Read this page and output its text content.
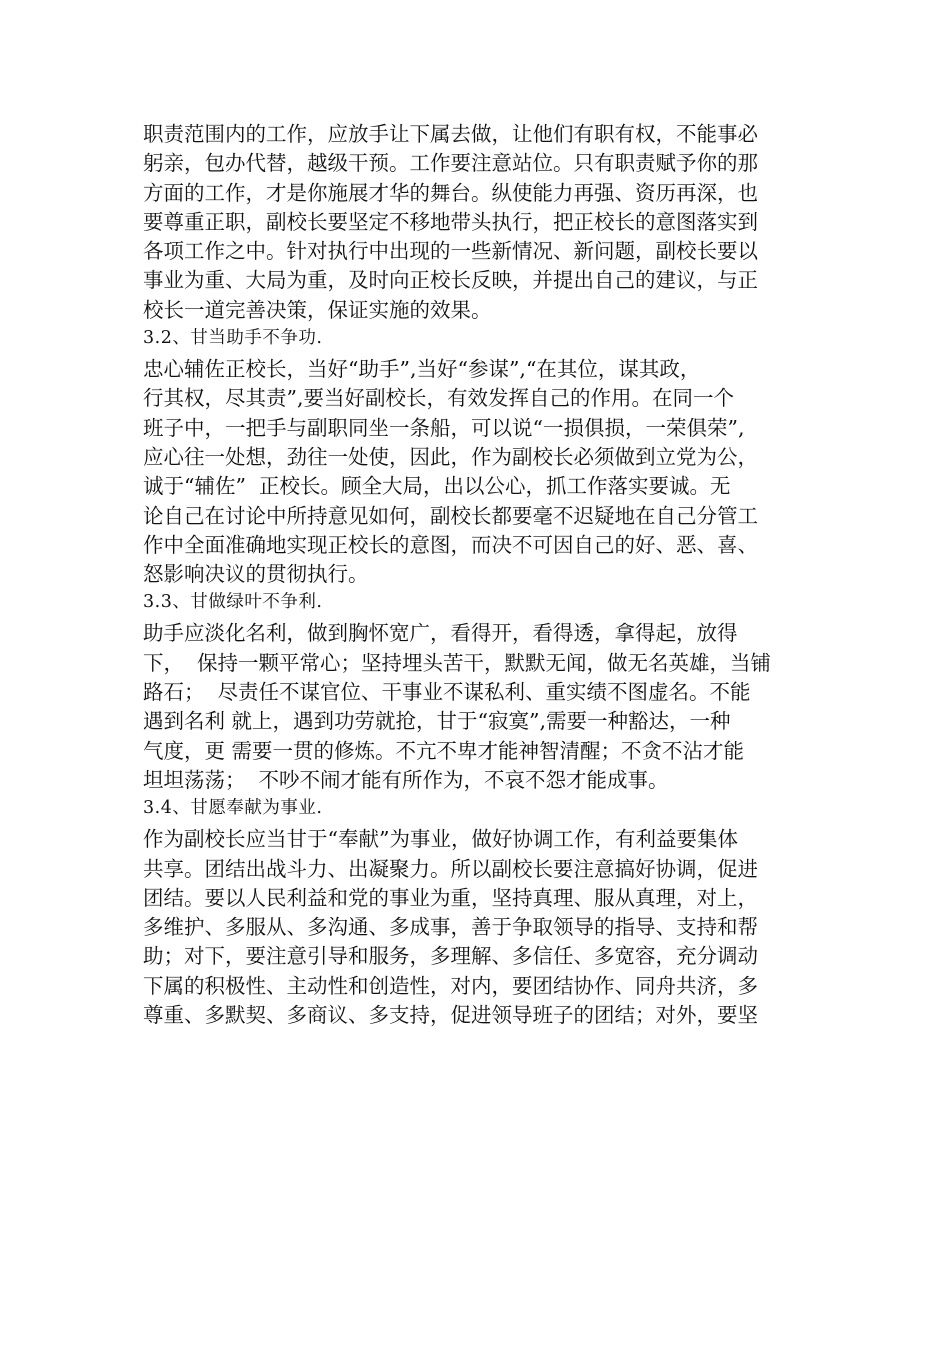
职责范围内的工作，应放手让下属去做，让他们有职有权，不能事必
躬亲，包办代替，越级干预。工作要注意站位。只有职责赋予你的那
方面的工作，才是你施展才华的舞台。纵使能力再强、资历再深，也
要尊重正职，副校长要坚定不移地带头执行，把正校长的意图落实到
各项工作之中。针对执行中出现的一些新情况、新问题，副校长要以
事业为重、大局为重，及时向正校长反映，并提出自己的建议，与正
校长一道完善决策，保证实施的效果。
3.2、甘当助手不争功.
忠心辅佐正校长，当好“助手”,当好“参谋”,“在其位，谋其政，
行其权，尽其责”,要当好副校长，有效发挥自己的作用。在同一个
班子中，一把手与副职同坐一条船，可以说“一损俱损，一荣俱荣”,
应心往一处想，劲往一处使，因此，作为副校长必须做到立党为公，
诚于“辅佐”  正校长。顾全大局，出以公心，抓工作落实要诚。无
论自己在讨论中所持意见如何，副校长都要毫不迟疑地在自己分管工
作中全面准确地实现正校长的意图，而决不可因自己的好、恶、喜、
怒影响决议的贯彻执行。
3.3、甘做绿叶不争利.
助手应淡化名利，做到胸怀宽广，看得开，看得透，拿得起，放得
下，  保持一颗平常心；坚持埋头苦干，默默无闻，做无名英雄，当铺
路石；  尽责任不谋官位、干事业不谋私利、重实绩不图虚名。不能
遇到名利 就上，遇到功劳就抢，甘于“寂寞”,需要一种豁达，一种
气度，更 需要一贯的修炼。不亢不卑才能神智清醒；不贪不沾才能
坦坦荡荡；  不吵不闹才能有所作为，不哀不怨才能成事。
3.4、甘愿奉献为事业.
作为副校长应当甘于“奉献”为事业，做好协调工作，有利益要集体
共享。团结出战斗力、出凝聚力。所以副校长要注意搞好协调，促进
团结。要以人民利益和党的事业为重，坚持真理、服从真理，对上，
多维护、多服从、多沟通、多成事，善于争取领导的指导、支持和帮
助；对下，要注意引导和服务，多理解、多信任、多宽容，充分调动
下属的积极性、主动性和创造性，对内，要团结协作、同舟共济，多
尊重、多默契、多商议、多支持，促进领导班子的团结；对外，要坚
